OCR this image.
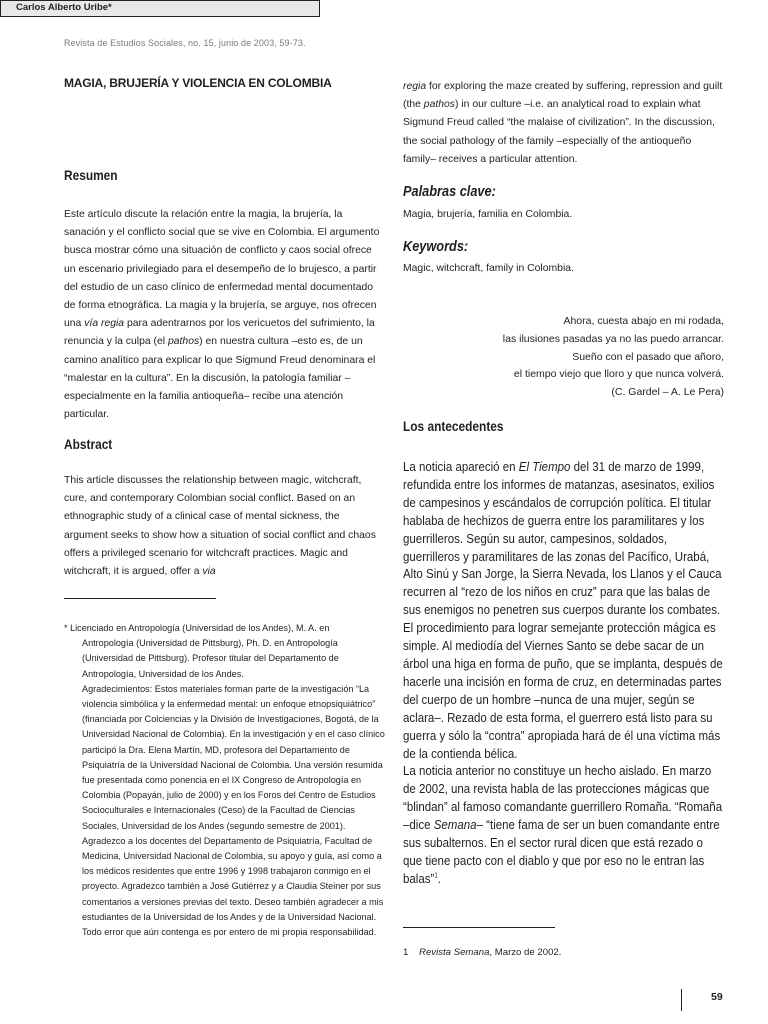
Revista de Estudios Sociales, no. 15, junio de 2003, 59-73.
MAGIA, BRUJERÍA Y VIOLENCIA EN COLOMBIA
Carlos Alberto Uribe*
Resumen
Este artículo discute la relación entre la magia, la brujería, la sanación y el conflicto social que se vive en Colombia. El argumento busca mostrar cómo una situación de conflicto y caos social ofrece un escenario privilegiado para el desempeño de lo brujesco, a partir del estudio de un caso clínico de enfermedad mental documentado de forma etnográfica. La magia y la brujería, se arguye, nos ofrecen una vía regia para adentrarnos por los vericuetos del sufrimiento, la renuncia y la culpa (el pathos) en nuestra cultura –esto es, de un camino analítico para explicar lo que Sigmund Freud denominara el “malestar en la cultura”. En la discusión, la patología familiar –especialmente en la familia antioqueña– recibe una atención particular.
Abstract
This article discusses the relationship between magic, witchcraft, cure, and contemporary Colombian social conflict. Based on an ethnographic study of a clinical case of mental sickness, the argument seeks to show how a situation of social conflict and chaos offers a privileged scenario for witchcraft practices. Magic and witchcraft, it is argued, offer a via
* Licenciado en Antropología (Universidad de los Andes), M. A. en
Antropología (Universidad de Pittsburg), Ph. D. en Antropología (Universidad de Pittsburg). Profesor titular del Departamento de Antropología, Universidad de los Andes.
Agradecimientos: Estos materiales forman parte de la investigación “La violencia simbólica y la enfermedad mental: un enfoque etnopsiquiátrico” (financiada por Colciencias y la División de Investigaciones, Bogotá, de la Universidad Nacional de Colombia). En la investigación y en el caso clínico participó la Dra. Elena Martín, MD, profesora del Departamento de Psiquiatría de la Universidad Nacional de Colombia. Una versión resumida fue presentada como ponencia en el IX Congreso de Antropología en Colombia (Popayán, julio de 2000) y en los Foros del Centro de Estudios Socioculturales e Internacionales (Ceso) de la Facultad de Ciencias Sociales, Universidad de los Andes (segundo semestre de 2001). Agradezco a los docentes del Departamento de Psiquiatría, Facultad de Medicina, Universidad Nacional de Colombia, su apoyo y guía, así como a los médicos residentes que entre 1996 y 1998 trabajaron conmigo en el proyecto. Agradezco también a José Gutiérrez y a Claudia Steiner por sus comentarios a versiones previas del texto. Deseo también agradecer a mis estudiantes de la Universidad de los Andes y de la Universidad Nacional. Todo error que aún contenga es por entero de mi propia responsabilidad.
regia for exploring the maze created by suffering, repression and guilt (the pathos) in our culture –i.e. an analytical road to explain what Sigmund Freud called “the malaise of civilization”. In the discussion, the social pathology of the family –especially of the antioqueño family– receives a particular attention.
Palabras clave:
Magia, brujería, familia en Colombia.
Keywords:
Magic, witchcraft, family in Colombia.
Ahora, cuesta abajo en mi rodada,
las ilusiones pasadas ya no las puedo arrancar.
Sueño con el pasado que añoro,
el tiempo viejo que lloro y que nunca volverá.
(C. Gardel – A. Le Pera)
Los antecedentes

La noticia apareció en El Tiempo del 31 de marzo de 1999, refundida entre los informes de matanzas, asesinatos, exilios de campesinos y escándalos de corrupción política. El titular hablaba de hechizos de guerra entre los paramilitares y los guerrilleros. Según su autor, campesinos, soldados, guerrilleros y paramilitares de las zonas del Pacífico, Urabá, Alto Sinú y San Jorge, la Sierra Nevada, los Llanos y el Cauca recurren al “rezo de los niños en cruz” para que las balas de sus enemigos no penetren sus cuerpos durante los combates.

El procedimiento para lograr semejante protección mágica es simple. Al mediodía del Viernes Santo se debe sacar de un árbol una higa en forma de puño, que se implanta, después de hacerle una incisión en forma de cruz, en determinadas partes del cuerpo de un hombre –nunca de una mujer, según se aclara–. Rezado de esta forma, el guerrero está listo para su guerra y sólo la “contra” apropiada hará de él una víctima más de la contienda bélica.

La noticia anterior no constituye un hecho aislado. En marzo de 2002, una revista habla de las protecciones mágicas que “blindan” al famoso comandante guerrillero Romaña. “Romaña –dice Semana– “tiene fama de ser un buen comandante entre sus subalternos. En el sector rural dicen que está rezado o que tiene pacto con el diablo y que por eso no le entran las balas”$^1$.

1 Revista Semana, Marzo de 2002.
59
